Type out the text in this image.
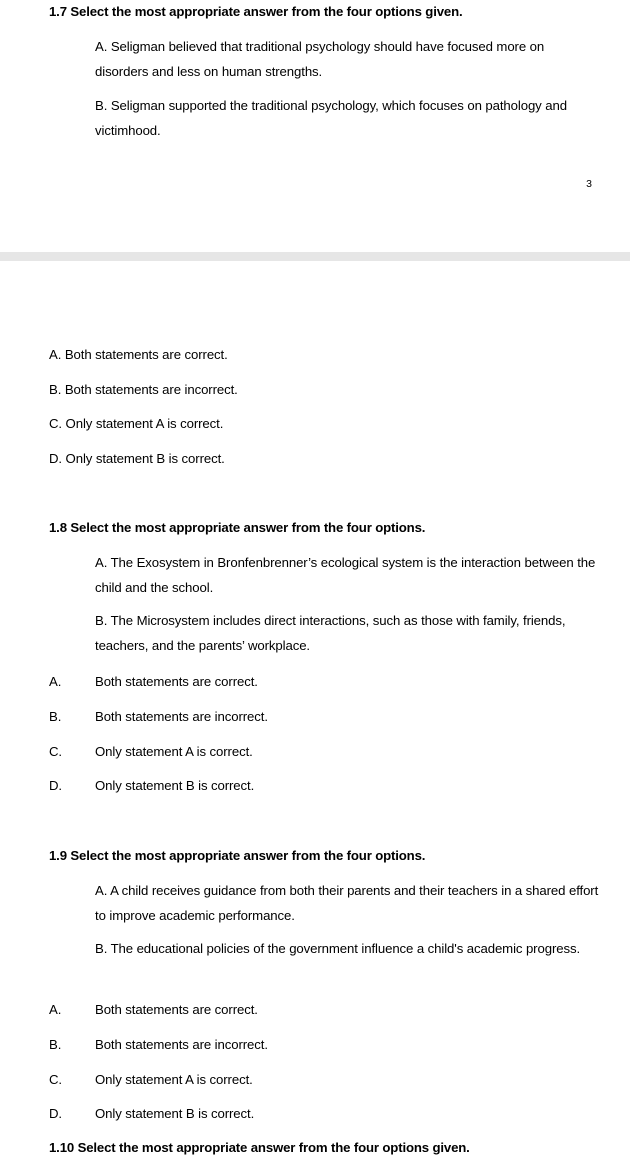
1.7 Select the most appropriate answer from the four options given.
A. Seligman believed that traditional psychology should have focused more on disorders and less on human strengths.
B. Seligman supported the traditional psychology, which focuses on pathology and victimhood.
3
A. Both statements are correct.
B. Both statements are incorrect.
C. Only statement A is correct.
D. Only statement B is correct.
1.8 Select the most appropriate answer from the four options.
A. The Exosystem in Bronfenbrenner’s ecological system is the interaction between the child and the school.
B. The Microsystem includes direct interactions, such as those with family, friends, teachers, and the parents’ workplace.
A.	Both statements are correct.
B.	Both statements are incorrect.
C.	Only statement A is correct.
D.	Only statement B is correct.
1.9 Select the most appropriate answer from the four options.
A. A child receives guidance from both their parents and their teachers in a shared effort to improve academic performance.
B. The educational policies of the government influence a child's academic progress.
A.	Both statements are correct.
B.	Both statements are incorrect.
C.	Only statement A is correct.
D.	Only statement B is correct.
1.10 Select the most appropriate answer from the four options given.
